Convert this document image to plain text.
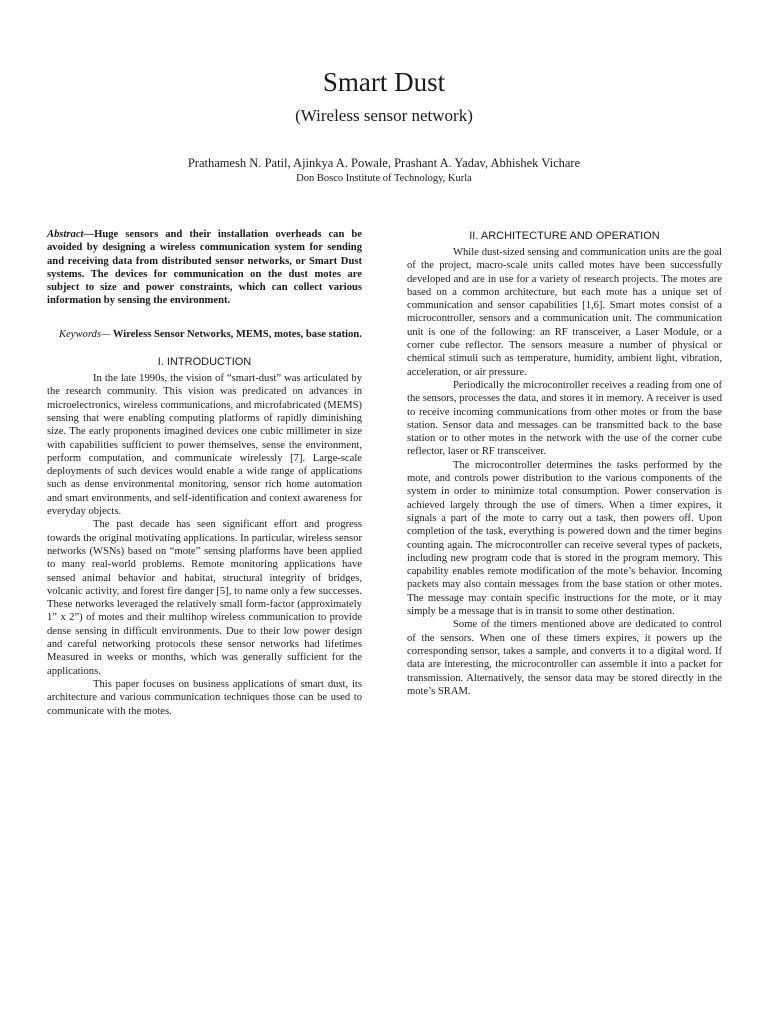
Smart Dust
(Wireless sensor network)
Prathamesh N. Patil, Ajinkya A. Powale, Prashant A. Yadav, Abhishek Vichare
Don Bosco Institute of Technology, Kurla
Abstract—Huge sensors and their installation overheads can be avoided by designing a wireless communication system for sending and receiving data from distributed sensor networks, or Smart Dust systems. The devices for communication on the dust motes are subject to size and power constraints, which can collect various information by sensing the environment.
Keywords— Wireless Sensor Networks, MEMS, motes, base station.
I. INTRODUCTION

In the late 1990s, the vision of “smart-dust” was articulated by the research community. This vision was predicated on advances in microelectronics, wireless communications, and microfabricated (MEMS) sensing that were enabling computing platforms of rapidly diminishing size. The early proponents imagined devices one cubic millimeter in size with capabilities sufficient to power themselves, sense the environment, perform computation, and communicate wirelessly [7]. Large-scale deployments of such devices would enable a wide range of applications such as dense environmental monitoring, sensor rich home automation and smart environments, and self-identification and context awareness for everyday objects.

The past decade has seen significant effort and progress towards the original motivating applications. In particular, wireless sensor networks (WSNs) based on “mote” sensing platforms have been applied to many real-world problems. Remote monitoring applications have sensed animal behavior and habitat, structural integrity of bridges, volcanic activity, and forest fire danger [5], to name only a few successes. These networks leveraged the relatively small form-factor (approximately 1” x 2”) of motes and their multihop wireless communication to provide dense sensing in difficult environments. Due to their low power design and careful networking protocols these sensor networks had lifetimes Measured in weeks or months, which was generally sufficient for the applications.

This paper focuses on business applications of smart dust, its architecture and various communication techniques those can be used to communicate with the motes.

II. ARCHITECTURE AND OPERATION

While dust-sized sensing and communication units are the goal of the project, macro-scale units called motes have been successfully developed and are in use for a variety of research projects. The motes are based on a common architecture, but each mote has a unique set of communication and sensor capabilities [1,6]. Smart motes consist of a microcontroller, sensors and a communication unit. The communication unit is one of the following: an RF transceiver, a Laser Module, or a corner cube reflector. The sensors measure a number of physical or chemical stimuli such as temperature, humidity, ambient light, vibration, acceleration, or air pressure.

Periodically the microcontroller receives a reading from one of the sensors, processes the data, and stores it in memory. A receiver is used to receive incoming communications from other motes or from the base station. Sensor data and messages can be transmitted back to the base station or to other motes in the network with the use of the corner cube reflector, laser or RF transceiver.

The microcontroller determines the tasks performed by the mote, and controls power distribution to the various components of the system in order to minimize total consumption. Power conservation is achieved largely through the use of timers. When a timer expires, it signals a part of the mote to carry out a task, then powers off. Upon completion of the task, everything is powered down and the timer begins counting again. The microcontroller can receive several types of packets, including new program code that is stored in the program memory. This capability enables remote modification of the mote’s behavior. Incoming packets may also contain messages from the base station or other motes. The message may contain specific instructions for the mote, or it may simply be a message that is in transit to some other destination.

Some of the timers mentioned above are dedicated to control of the sensors. When one of these timers expires, it powers up the corresponding sensor, takes a sample, and converts it to a digital word. If data are interesting, the microcontroller can assemble it into a packet for transmission. Alternatively, the sensor data may be stored directly in the mote’s SRAM.
